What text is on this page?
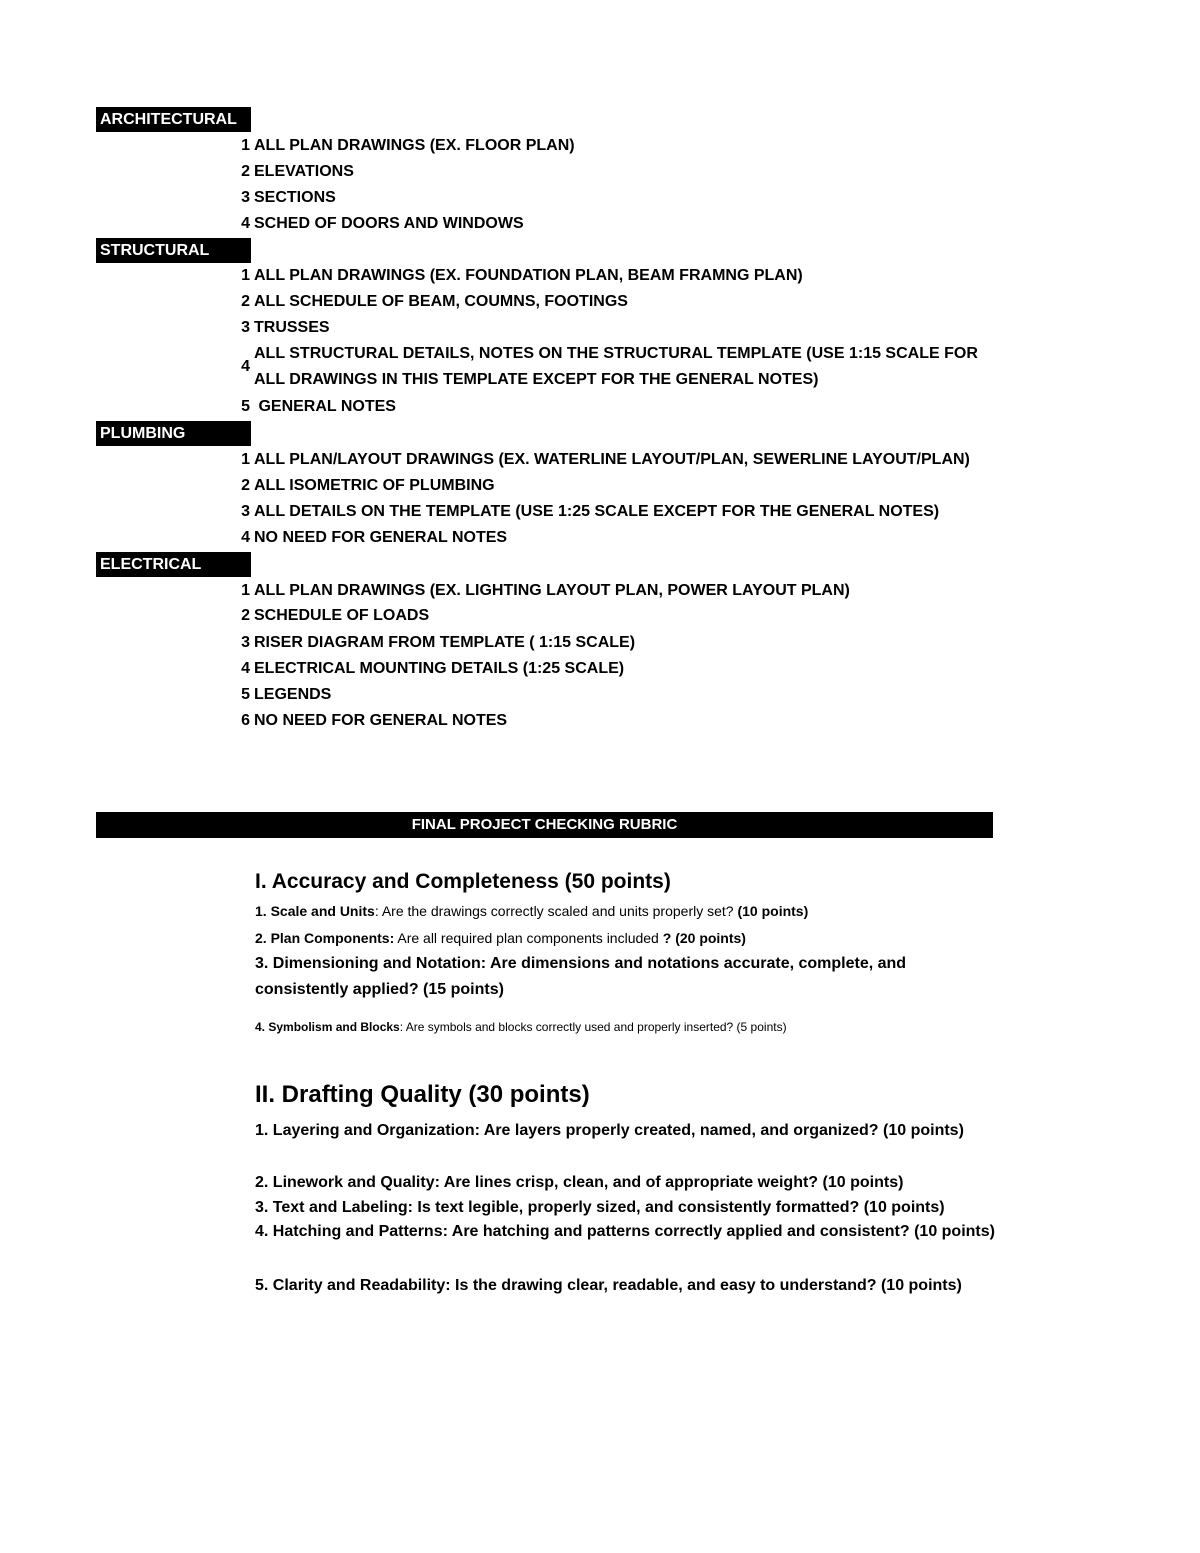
ARCHITECTURAL
1 ALL PLAN DRAWINGS (EX. FLOOR PLAN)
2 ELEVATIONS
3 SECTIONS
4 SCHED OF DOORS AND WINDOWS
STRUCTURAL
1 ALL PLAN DRAWINGS (EX. FOUNDATION PLAN, BEAM FRAMNG PLAN)
2 ALL SCHEDULE OF BEAM, COUMNS, FOOTINGS
3 TRUSSES
4
ALL STRUCTURAL DETAILS, NOTES ON THE STRUCTURAL TEMPLATE (USE 1:15 SCALE FOR ALL DRAWINGS IN THIS TEMPLATE EXCEPT FOR THE GENERAL NOTES)
5 GENERAL NOTES
PLUMBING
1 ALL PLAN/LAYOUT DRAWINGS (EX. WATERLINE LAYOUT/PLAN, SEWERLINE LAYOUT/PLAN)
2 ALL ISOMETRIC OF PLUMBING
3 ALL DETAILS ON THE TEMPLATE (USE 1:25 SCALE EXCEPT FOR THE GENERAL NOTES)
4 NO NEED FOR GENERAL NOTES
ELECTRICAL
1 ALL PLAN DRAWINGS (EX. LIGHTING LAYOUT PLAN, POWER LAYOUT PLAN)
2 SCHEDULE OF LOADS
3 RISER DIAGRAM FROM TEMPLATE ( 1:15 SCALE)
4 ELECTRICAL MOUNTING DETAILS (1:25 SCALE)
5 LEGENDS
6 NO NEED FOR GENERAL NOTES
FINAL PROJECT CHECKING RUBRIC
I. Accuracy and Completeness (50 points)
1. Scale and Units: Are the drawings correctly scaled and units properly set? (10 points)
2. Plan Components: Are all required plan components included ? (20 points)
3. Dimensioning and Notation: Are dimensions and notations accurate, complete, and consistently applied? (15 points)
4. Symbolism and Blocks: Are symbols and blocks correctly used and properly inserted? (5 points)
II. Drafting Quality (30 points)
1. Layering and Organization: Are layers properly created, named, and organized? (10 points)
2. Linework and Quality: Are lines crisp, clean, and of appropriate weight? (10 points)
3. Text and Labeling: Is text legible, properly sized, and consistently formatted? (10 points)
4. Hatching and Patterns: Are hatching and patterns correctly applied and consistent? (10 points)
5. Clarity and Readability: Is the drawing clear, readable, and easy to understand? (10 points)
